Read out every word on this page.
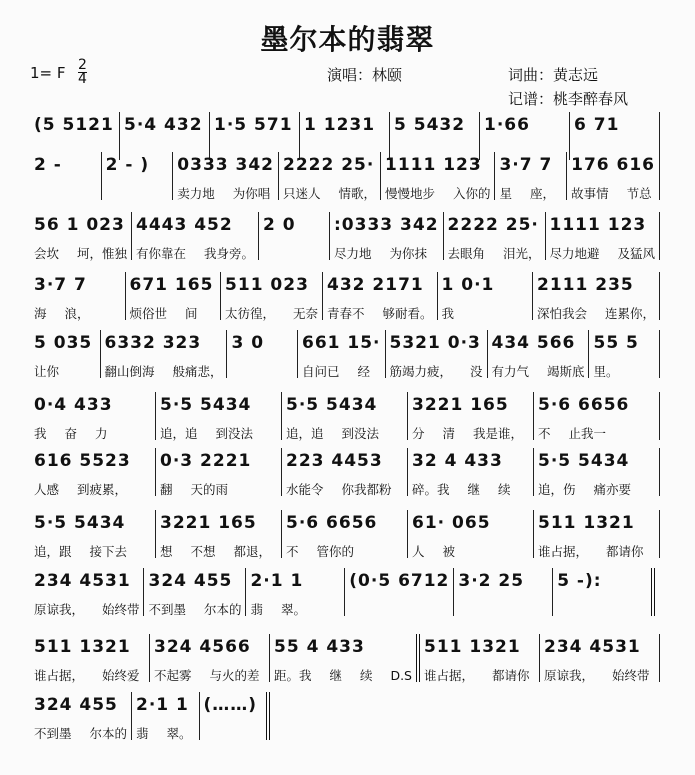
墨尔本的翡翠
1= F 2
4	演唱：林颐	词曲：黄志远
记谱：桃李醉春风
(5 5121 5·4 432 1·5 571 1 1231 5 5432 1·66	6 71
2 -	2 - ) 0333 342
卖力地 为你唱
2222 25·
只迷人 情歌，
1111 123
慢慢地步 入你的
3·7 7
星 座，
176 616
故事情 节总
56 1 023
会坎 坷，惟独
4443 452
有你靠在 我身旁。
2 0 :0333 342
尽力地 为你抹
2222 25·
去眼角 泪光，
1111 123
尽力地避 及猛风
3·7 7
海 浪，
671 165
烦俗世 间
511 023
太彷徨， 无奈
432 2171
青春不 够耐看。
1 0·1
我
2111 235
深怕我会 连累你，
5 035
让你
6332 323
翻山倒海 般痛悲，
3 0 661 15·
自问已 经
5321 0·3
筋竭力疲， 没
434 566
有力气 竭斯底
55 5
里。
0·4 433
我 奋 力
5·5 5434
追，追 到没法
5·5 5434
追，追 到没法
3221 165
分 清 我是谁，
5·6 6656
不 止我一
616 5523
人感 到疲累，
0·3 2221
翻 天的雨
223 4453
水能令 你我都粉
32 4 433
碎。我 继 续
5·5 5434
追，伤 痛亦要
5·5 5434
追，跟 接下去
3221 165
想 不想 都退，
5·6 6656
不 管你的
61· 065
人 被
511 1321
谁占据， 都请你
234 4531
原谅我， 始终带
324 455
不到墨 尔本的
2·1 1
翡 翠。
(0·5 6712 3·2 25 5 -):
511 1321
谁占据， 始终爱
324 4566
不起雾 与火的差
55 4 433
距。我 继 续 D.S
511 1321
谁占据， 都请你
234 4531
原谅我， 始终带
324 455
不到墨 尔本的
2·1 1
翡 翠。
(……)
